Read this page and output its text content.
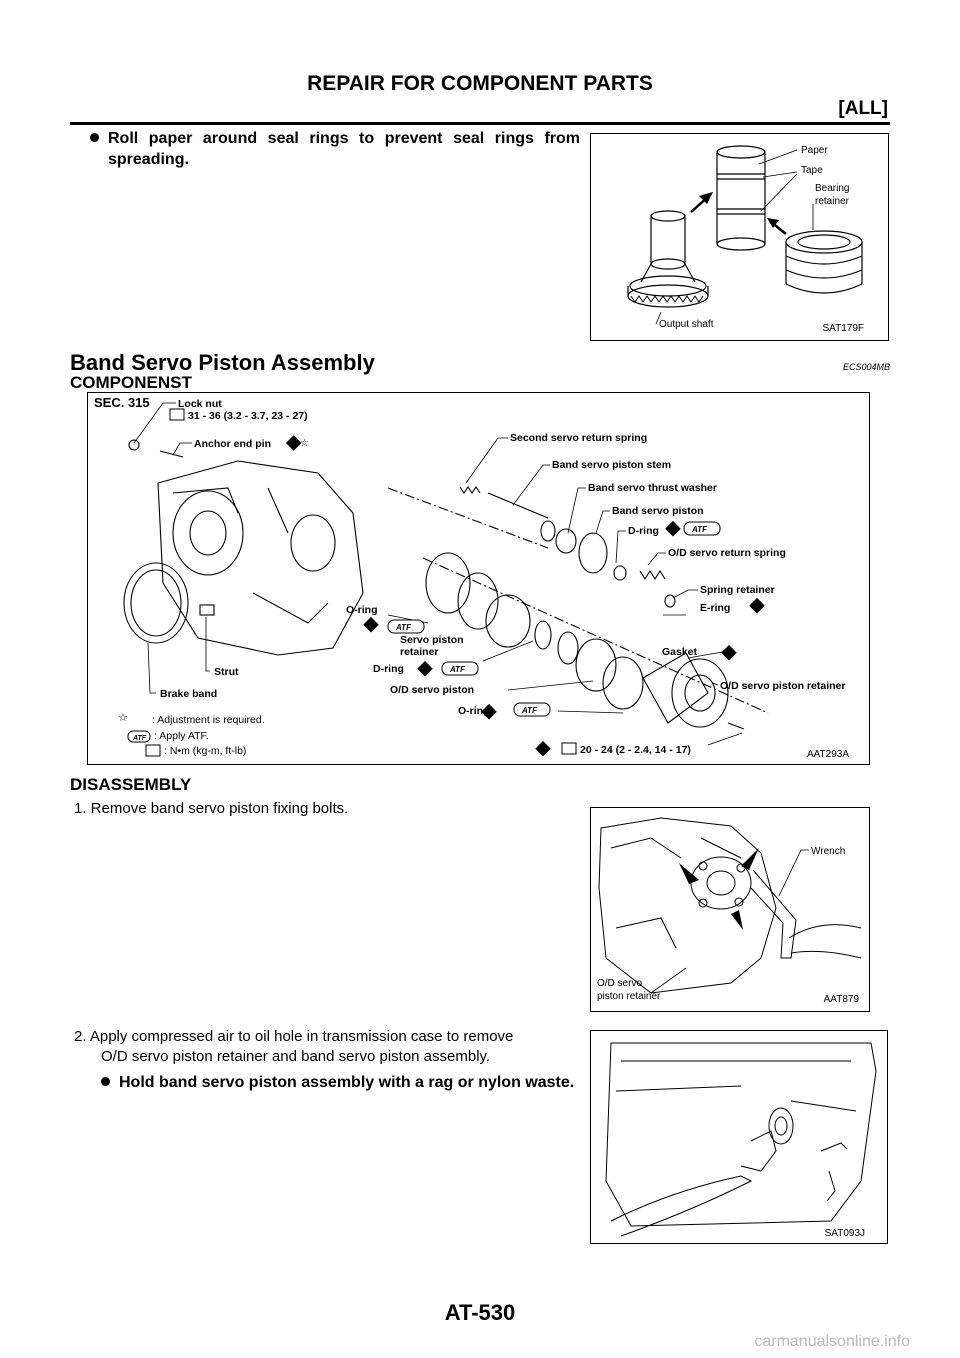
REPAIR FOR COMPONENT PARTS
[ALL]
Roll paper around seal rings to prevent seal rings from spreading.
Paper
Tape
Bearing
retainer
Output shaft	SAT179F
Band Servo Piston Assembly	ECS004MB
COMPONENST
SEC. 315	Lock nut
31 - 36 (3.2 - 3.7, 23 - 27)
Anchor end pin	Second servo return spring
Band servo piston stem
Band servo thrust washer
Band servo piston
D-ring	ATF
O/D servo return spring
Spring retainer
E-ring
O-ring
ATF
Servo piston
retainer
D-ring	ATF
Gasket
O/D servo piston	O/D servo piston retainer
O-ring	ATF
Strut
Brake band
: Adjustment is required.
ATF : Apply ATF.
: N•m (kg-m, ft-lb)	20 - 24 (2 - 2.4, 14 - 17)
☆
☆
AAT293A
DISASSEMBLY
1. Remove band servo piston fixing bolts.
Wrench
O/D servo
piston retainer	AAT879
2. Apply compressed air to oil hole in transmission case to remove
O/D servo piston retainer and band servo piston assembly.
Hold band servo piston assembly with a rag or nylon waste.
SAT093J
AT-530
carmanualsonline.info
